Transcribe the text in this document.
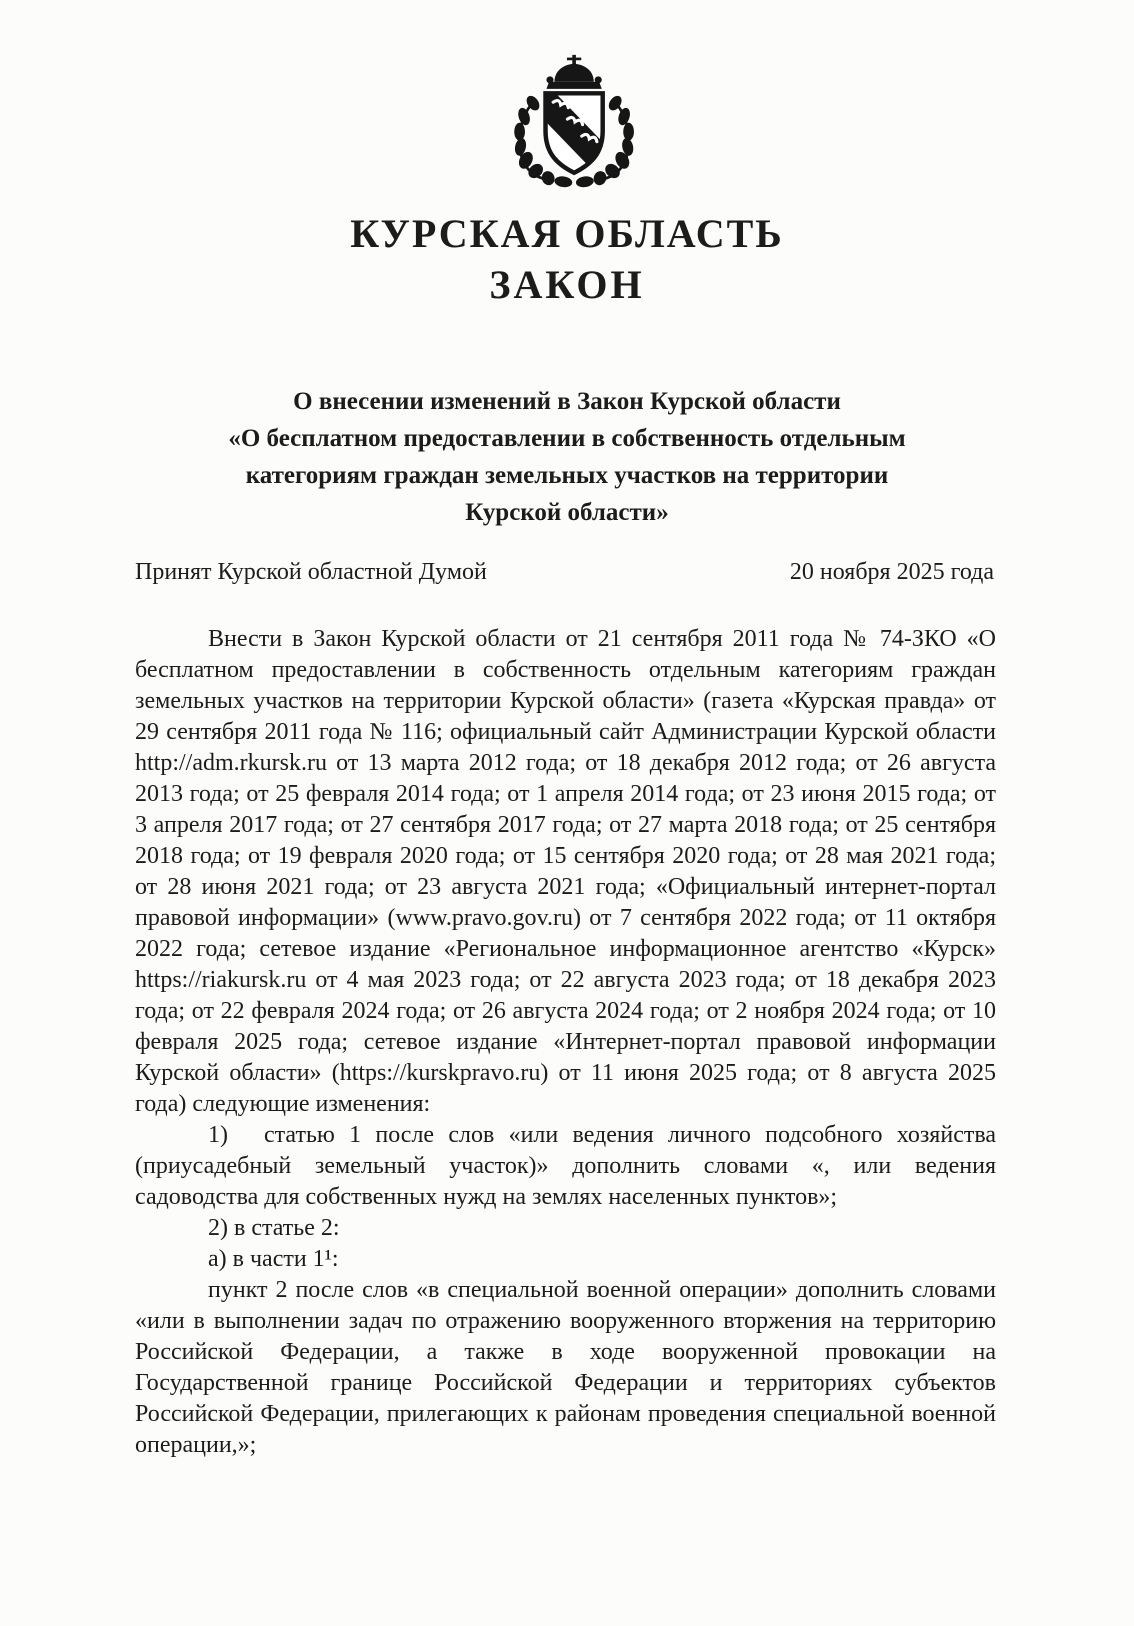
КУРСКАЯ ОБЛАСТЬ
ЗАКОН
О внесении изменений в Закон Курской области
«О бесплатном предоставлении в собственность отдельным
категориям граждан земельных участков на территории
Курской области»
Принят Курской областной Думой	20 ноября 2025 года

Внести в Закон Курской области от 21 сентября 2011 года № 74-ЗКО «О бесплатном предоставлении в собственность отдельным категориям граждан земельных участков на территории Курской области» (газета «Курская правда» от 29 сентября 2011 года № 116; официальный сайт Администрации Курской области http://adm.rkursk.ru от 13 марта 2012 года; от 18 декабря 2012 года; от 26 августа 2013 года; от 25 февраля 2014 года; от 1 апреля 2014 года; от 23 июня 2015 года; от 3 апреля 2017 года; от 27 сентября 2017 года; от 27 марта 2018 года; от 25 сентября 2018 года; от 19 февраля 2020 года; от 15 сентября 2020 года; от 28 мая 2021 года; от 28 июня 2021 года; от 23 августа 2021 года; «Официальный интернет-портал правовой информации» (www.pravo.gov.ru) от 7 сентября 2022 года; от 11 октября 2022 года; сетевое издание «Региональное информационное агентство «Курск» https://riakursk.ru от 4 мая 2023 года; от 22 августа 2023 года; от 18 декабря 2023 года; от 22 февраля 2024 года; от 26 августа 2024 года; от 2 ноября 2024 года; от 10 февраля 2025 года; сетевое издание «Интернет-портал правовой информации Курской области» (https://kurskpravo.ru) от 11 июня 2025 года; от 8 августа 2025 года) следующие изменения:

1)  статью 1 после слов «или ведения личного подсобного хозяйства (приусадебный земельный участок)» дополнить словами «, или ведения садоводства для собственных нужд на землях населенных пунктов»;

2) в статье 2:

а) в части 1¹:

пункт 2 после слов «в специальной военной операции» дополнить словами «или в выполнении задач по отражению вооруженного вторжения на территорию Российской Федерации, а также в ходе вооруженной провокации на Государственной границе Российской Федерации и территориях субъектов Российской Федерации, прилегающих к районам проведения специальной военной операции,»;
